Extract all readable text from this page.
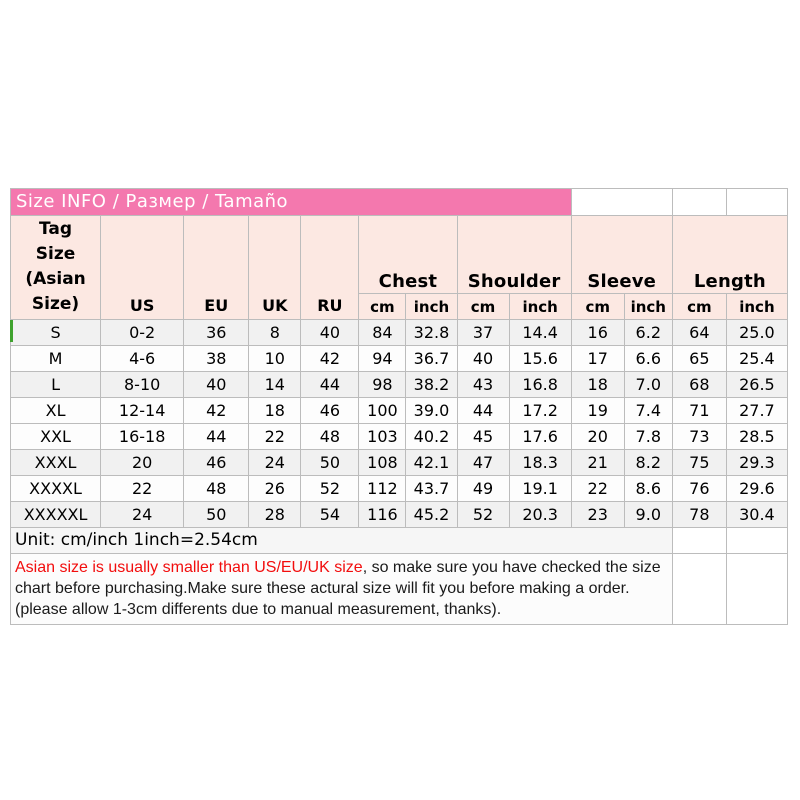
Size INFO / Размер / Tamaño												

Tag
Size
(Asian
Size)	US	EU	UK	RU	Chest		Shoulder		Sleeve		Length	
					cm	inch	cm	inch	cm	inch	cm	inch
S	0-2	36	8	40	84	32.8	37	14.4	16	6.2	64	25.0
M	4-6	38	10	42	94	36.7	40	15.6	17	6.6	65	25.4
L	8-10	40	14	44	98	38.2	43	16.8	18	7.0	68	26.5
XL	12-14	42	18	46	100	39.0	44	17.2	19	7.4	71	27.7
XXL	16-18	44	22	48	103	40.2	45	17.6	20	7.8	73	28.5
XXXL	20	46	24	50	108	42.1	47	18.3	21	8.2	75	29.3
XXXXL	22	48	26	52	112	43.7	49	19.1	22	8.6	76	29.6
XXXXXL	24	50	28	54	116	45.2	52	20.3	23	9.0	78	30.4
Unit: cm/inch 1inch=2.54cm												
Asian size is usually smaller than US/EU/UK size, so make sure you have checked the size chart before purchasing.Make sure these actural size will fit you before making a order.(please allow 1-3cm differents due to manual measurement, thanks).												
